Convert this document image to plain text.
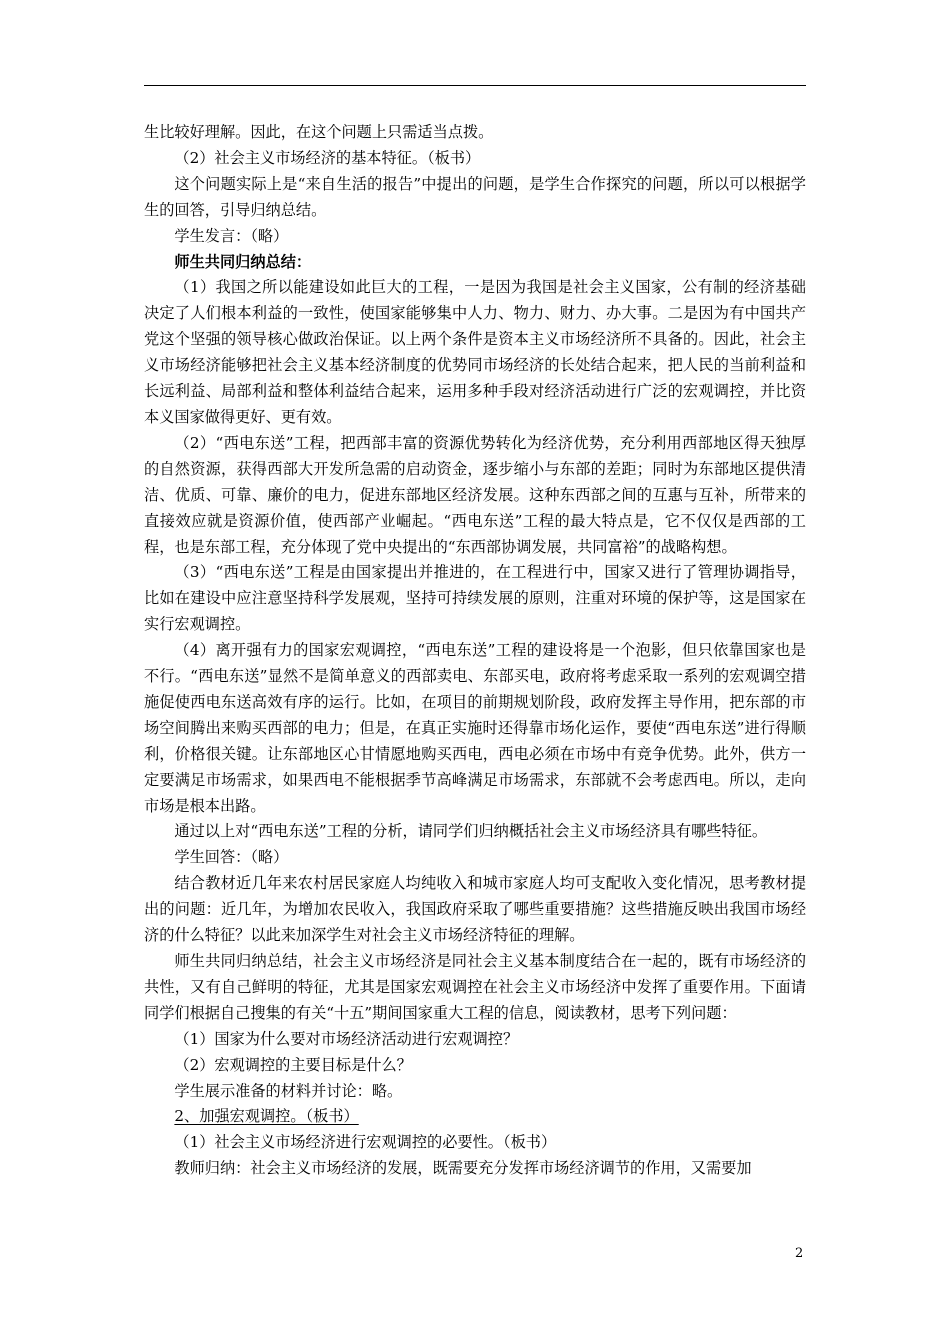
生比较好理解。因此，在这个问题上只需适当点拨。

（2）社会主义市场经济的基本特征。（板书）

这个问题实际上是“来自生活的报告”中提出的问题，是学生合作探究的问题，所以可以根据学生的回答，引导归纳总结。

学生发言：（略）

师生共同归纳总结：

（1）我国之所以能建设如此巨大的工程，一是因为我国是社会主义国家，公有制的经济基础决定了人们根本利益的一致性，使国家能够集中人力、物力、财力、办大事。二是因为有中国共产党这个坚强的领导核心做政治保证。以上两个条件是资本主义市场经济所不具备的。因此，社会主义市场经济能够把社会主义基本经济制度的优势同市场经济的长处结合起来，把人民的当前利益和长远利益、局部利益和整体利益结合起来，运用多种手段对经济活动进行广泛的宏观调控，并比资本义国家做得更好、更有效。

（2）“西电东送”工程，把西部丰富的资源优势转化为经济优势，充分利用西部地区得天独厚的自然资源，获得西部大开发所急需的启动资金，逐步缩小与东部的差距；同时为东部地区提供清洁、优质、可靠、廉价的电力，促进东部地区经济发展。这种东西部之间的互惠与互补，所带来的直接效应就是资源价值，使西部产业崛起。“西电东送”工程的最大特点是，它不仅仅是西部的工程，也是东部工程，充分体现了党中央提出的“东西部协调发展，共同富裕”的战略构想。

（3）“西电东送”工程是由国家提出并推进的，在工程进行中，国家又进行了管理协调指导，比如在建设中应注意坚持科学发展观，坚持可持续发展的原则，注重对环境的保护等，这是国家在实行宏观调控。

（4）离开强有力的国家宏观调控，“西电东送”工程的建设将是一个泡影，但只依靠国家也是不行。“西电东送”显然不是简单意义的西部卖电、东部买电，政府将考虑采取一系列的宏观调空措施促使西电东送高效有序的运行。比如，在项目的前期规划阶段，政府发挥主导作用，把东部的市场空间腾出来购买西部的电力；但是，在真正实施时还得靠市场化运作，要使“西电东送”进行得顺利，价格很关键。让东部地区心甘情愿地购买西电，西电必须在市场中有竞争优势。此外，供方一定要满足市场需求，如果西电不能根据季节高峰满足市场需求，东部就不会考虑西电。所以，走向市场是根本出路。

通过以上对“西电东送”工程的分析，请同学们归纳概括社会主义市场经济具有哪些特征。

学生回答：（略）

结合教材近几年来农村居民家庭人均纯收入和城市家庭人均可支配收入变化情况，思考教材提出的问题：近几年，为增加农民收入，我国政府采取了哪些重要措施？这些措施反映出我国市场经济的什么特征？以此来加深学生对社会主义市场经济特征的理解。

师生共同归纳总结，社会主义市场经济是同社会主义基本制度结合在一起的，既有市场经济的共性，又有自己鲜明的特征，尤其是国家宏观调控在社会主义市场经济中发挥了重要作用。下面请同学们根据自己搜集的有关“十五”期间国家重大工程的信息，阅读教材，思考下列问题：

（1）国家为什么要对市场经济活动进行宏观调控？

（2）宏观调控的主要目标是什么？

学生展示准备的材料并讨论：略。

2、加强宏观调控。（板书）

（1）社会主义市场经济进行宏观调控的必要性。（板书）

教师归纳：社会主义市场经济的发展，既需要充分发挥市场经济调节的作用，又需要加

2
